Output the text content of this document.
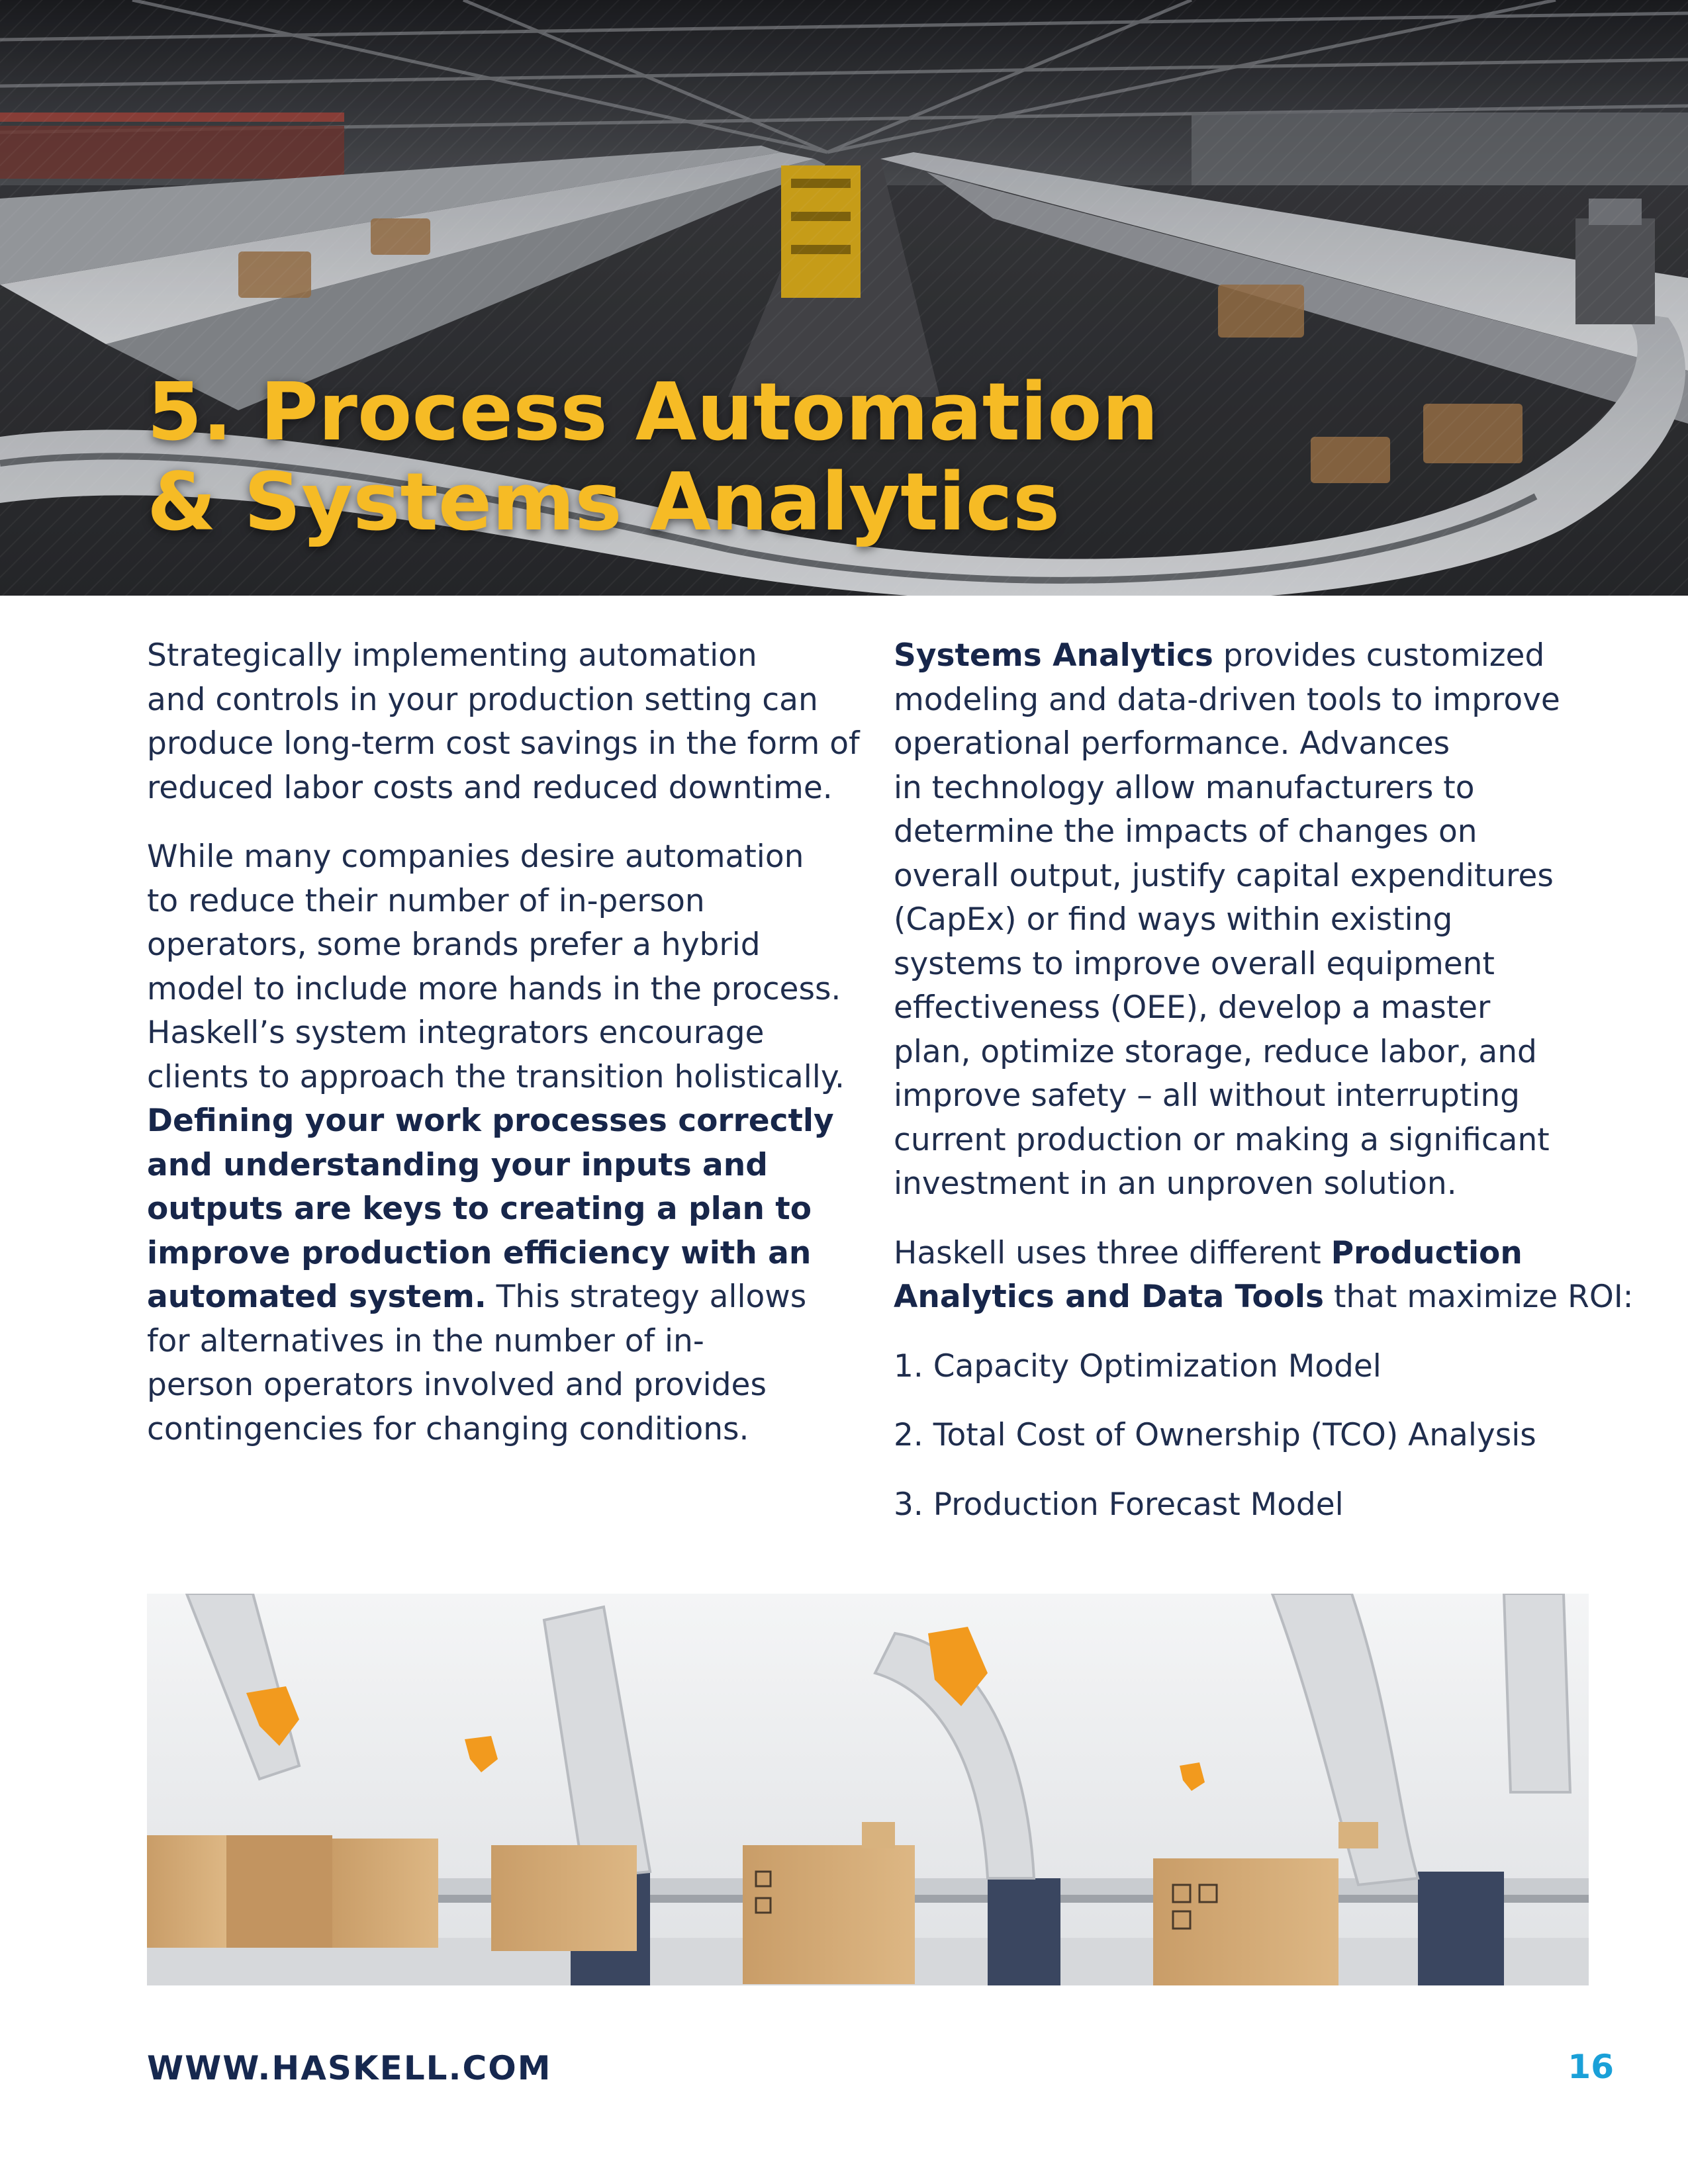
5. Process Automation
& Systems Analytics

Strategically implementing automation
and controls in your production setting can
produce long-term cost savings in the form of
reduced labor costs and reduced downtime.

While many companies desire automation
to reduce their number of in-person
operators, some brands prefer a hybrid
model to include more hands in the process.
Haskell’s system integrators encourage
clients to approach the transition holistically.
Defining your work processes correctly
and understanding your inputs and
outputs are keys to creating a plan to
improve production efficiency with an
automated system. This strategy allows
for alternatives in the number of in-
person operators involved and provides
contingencies for changing conditions.

Systems Analytics provides customized
modeling and data-driven tools to improve
operational performance. Advances
in technology allow manufacturers to
determine the impacts of changes on
overall output, justify capital expenditures
(CapEx) or find ways within existing
systems to improve overall equipment
effectiveness (OEE), develop a master
plan, optimize storage, reduce labor, and
improve safety – all without interrupting
current production or making a significant
investment in an unproven solution.

Haskell uses three different Production
Analytics and Data Tools that maximize ROI:

1. Capacity Optimization Model

2. Total Cost of Ownership (TCO) Analysis

3. Production Forecast Model

WWW.HASKELL.COM	16
